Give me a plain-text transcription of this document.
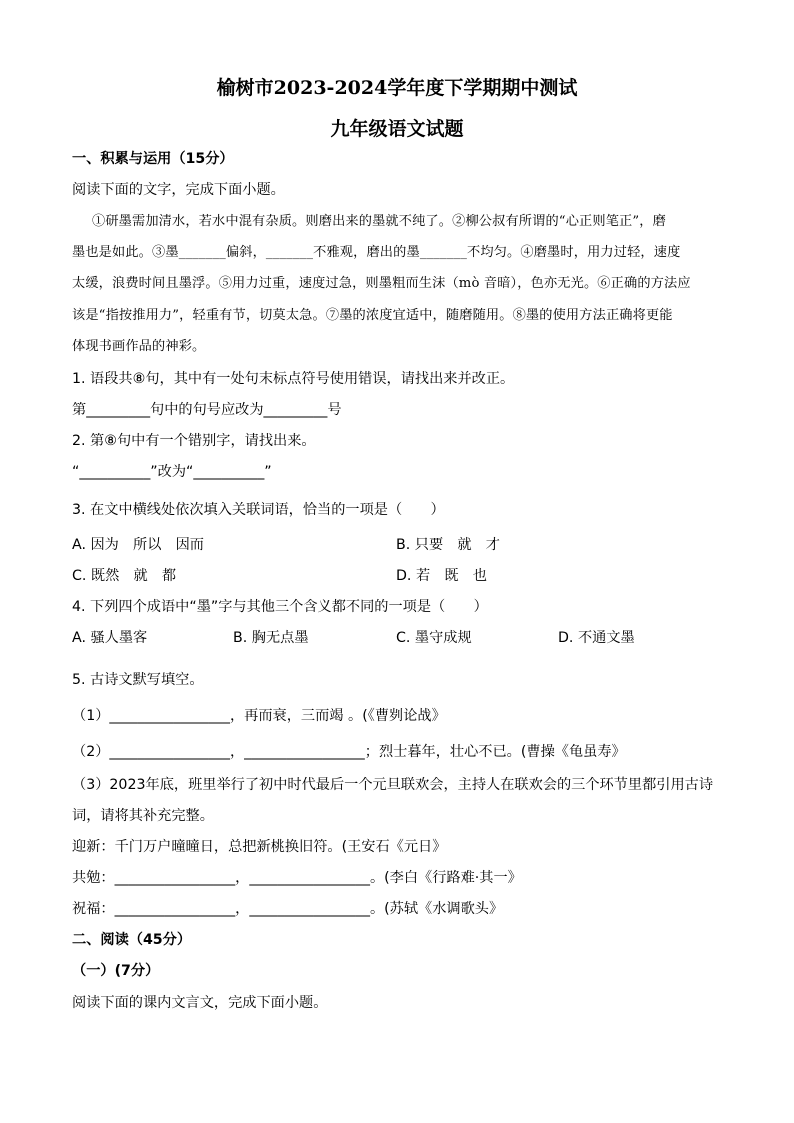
榆树市2023-2024学年度下学期期中测试
九年级语文试题
一、积累与运用（15分）
阅读下面的文字，完成下面小题。
①研墨需加清水，若水中混有杂质。则磨出来的墨就不纯了。②柳公叔有所谓的“心正则笔正”，磨
墨也是如此。③墨_______偏斜，_______不雅观，磨出的墨_______不均匀。④磨墨时，用力过轻，速度
太缓，浪费时间且墨浮。⑤用力过重，速度过急，则墨粗而生沫（mò 音暗），色亦无光。⑥正确的方法应
该是“指按推用力”，轻重有节，切莫太急。⑦墨的浓度宜适中，随磨随用。⑧墨的使用方法正确将更能
体现书画作品的神彩。
1. 语段共⑧句，其中有一处句末标点符号使用错误，请找出来并改正。
第_________句中的句号应改为_________号
2. 第⑧句中有一个错别字，请找出来。
“__________”改为“__________”
3. 在文中横线处依次填入关联词语，恰当的一项是（　　）
A. 因为　所以　因而	B. 只要　就　才
C. 既然　就　都	D. 若　既　也
4. 下列四个成语中“墨”字与其他三个含义都不同的一项是（　　）
A. 骚人墨客	B. 胸无点墨	C. 墨守成规	D. 不通文墨
5. 古诗文默写填空。
（1）_________________，再而衰，三而竭 。(《曹刿论战》
（2）_________________，_________________；烈士暮年，壮心不已。(曹操《龟虽寿》
（3）2023年底，班里举行了初中时代最后一个元旦联欢会，主持人在联欢会的三个环节里都引用古诗
词，请将其补充完整。
迎新：千门万户曈曈日，总把新桃换旧符。(王安石《元日》
共勉：_________________，_________________。(李白《行路难·其一》
祝福：_________________，_________________。(苏轼《水调歌头》
二、阅读（45分）
（一）(7分）
阅读下面的课内文言文，完成下面小题。
